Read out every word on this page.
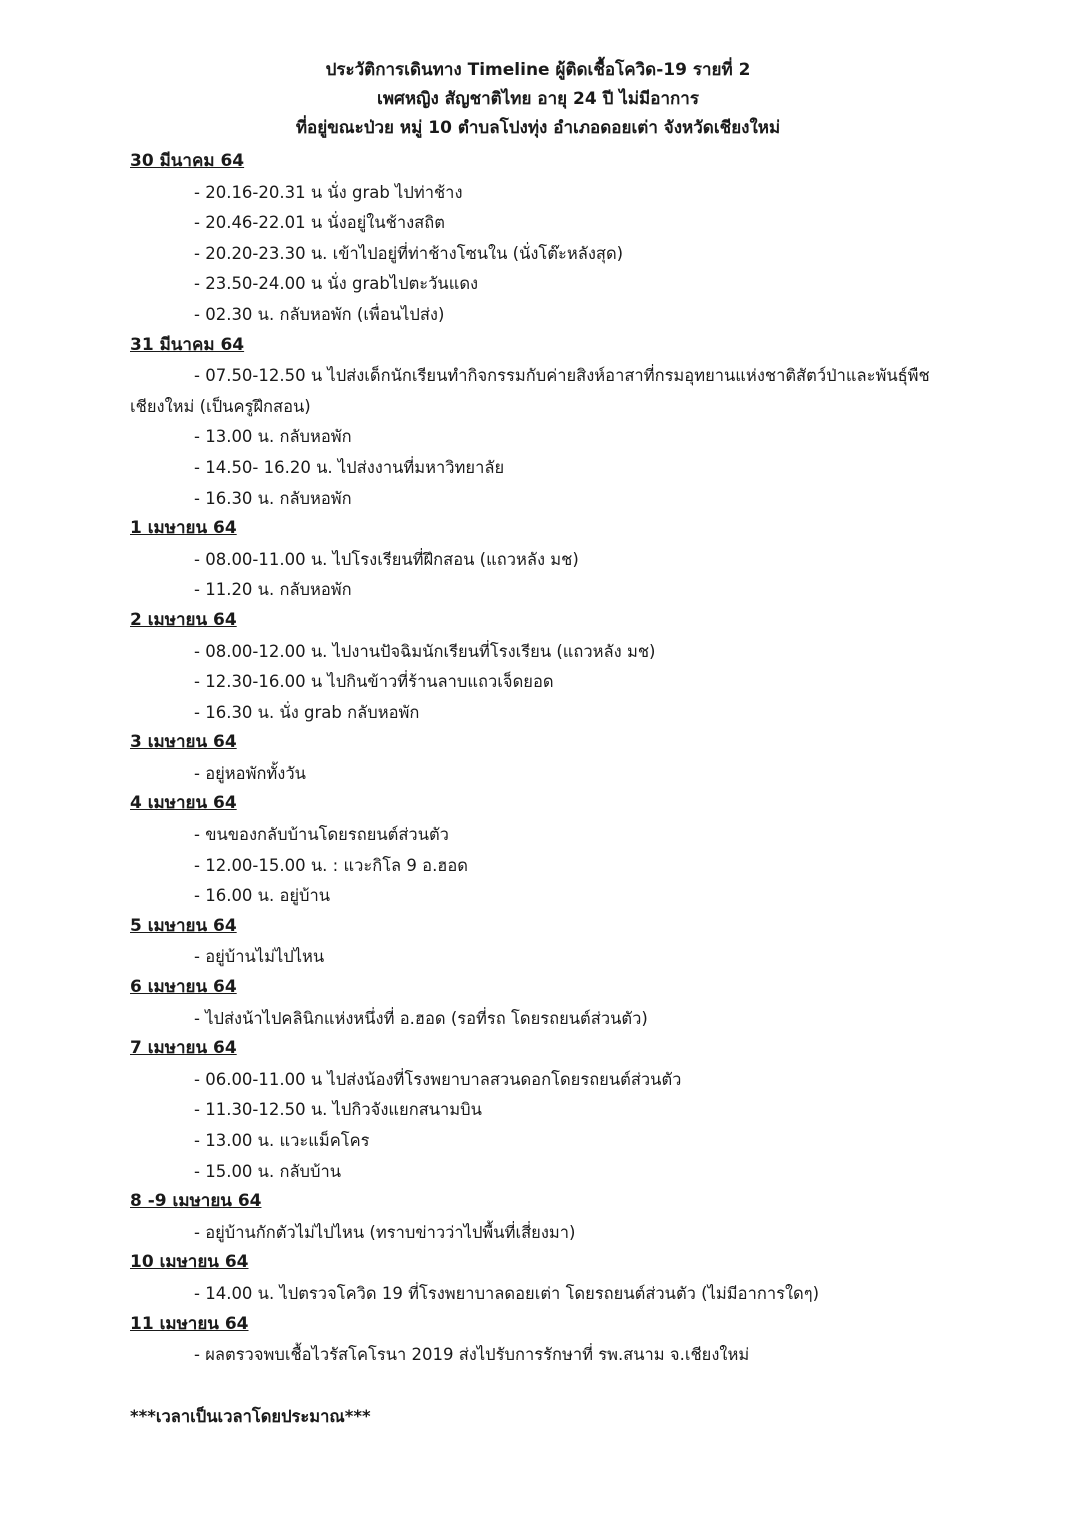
ประวัติการเดินทาง Timeline ผู้ติดเชื้อโควิด-19 รายที่ 2
เพศหญิง สัญชาติไทย อายุ 24 ปี ไม่มีอาการ
ที่อยู่ขณะป่วย หมู่ 10 ตำบลโปงทุ่ง อำเภอดอยเต่า จังหวัดเชียงใหม่
30 มีนาคม 64
- 20.16-20.31 น นั่ง grab ไปท่าช้าง
- 20.46-22.01 น นั่งอยู่ในช้างสถิต
- 20.20-23.30 น. เข้าไปอยู่ที่ท่าช้างโซนใน (นั่งโต๊ะหลังสุด)
- 23.50-24.00 น นั่ง grabไปตะวันแดง
- 02.30 น. กลับหอพัก (เพื่อนไปส่ง)
31 มีนาคม 64
- 07.50-12.50 น ไปส่งเด็กนักเรียนทำกิจกรรมกับค่ายสิงห์อาสาที่กรมอุทยานแห่งชาติสัตว์ป่าและพันธุ์พืช เชียงใหม่ (เป็นครูฝึกสอน)
- 13.00 น. กลับหอพัก
- 14.50- 16.20 น. ไปส่งงานที่มหาวิทยาลัย
- 16.30 น. กลับหอพัก
1 เมษายน 64
- 08.00-11.00 น. ไปโรงเรียนที่ฝึกสอน (แถวหลัง มช)
- 11.20 น. กลับหอพัก
2 เมษายน 64
- 08.00-12.00 น. ไปงานปัจฉิมนักเรียนที่โรงเรียน (แถวหลัง มช)
- 12.30-16.00 น ไปกินข้าวที่ร้านลาบแถวเจ็ดยอด
- 16.30 น. นั่ง grab กลับหอพัก
3 เมษายน 64
- อยู่หอพักทั้งวัน
4 เมษายน 64
- ขนของกลับบ้านโดยรถยนต์ส่วนตัว
- 12.00-15.00 น. : แวะกิโล 9 อ.ฮอด
- 16.00 น. อยู่บ้าน
5 เมษายน 64
- อยู่บ้านไม่ไปไหน
6 เมษายน 64
- ไปส่งน้าไปคลินิกแห่งหนึ่งที่ อ.ฮอด (รอที่รถ โดยรถยนต์ส่วนตัว)
7 เมษายน 64
- 06.00-11.00 น ไปส่งน้องที่โรงพยาบาลสวนดอกโดยรถยนต์ส่วนตัว
- 11.30-12.50 น. ไปกิวจังแยกสนามบิน
- 13.00 น. แวะแม็คโคร
- 15.00 น. กลับบ้าน
8 -9 เมษายน 64
- อยู่บ้านกักตัวไม่ไปไหน (ทราบข่าวว่าไปพื้นที่เสี่ยงมา)
10 เมษายน 64
- 14.00 น. ไปตรวจโควิด 19 ที่โรงพยาบาลดอยเต่า โดยรถยนต์ส่วนตัว (ไม่มีอาการใดๆ)
11 เมษายน 64
- ผลตรวจพบเชื้อไวรัสโคโรนา 2019 ส่งไปรับการรักษาที่ รพ.สนาม จ.เชียงใหม่
***เวลาเป็นเวลาโดยประมาณ***
